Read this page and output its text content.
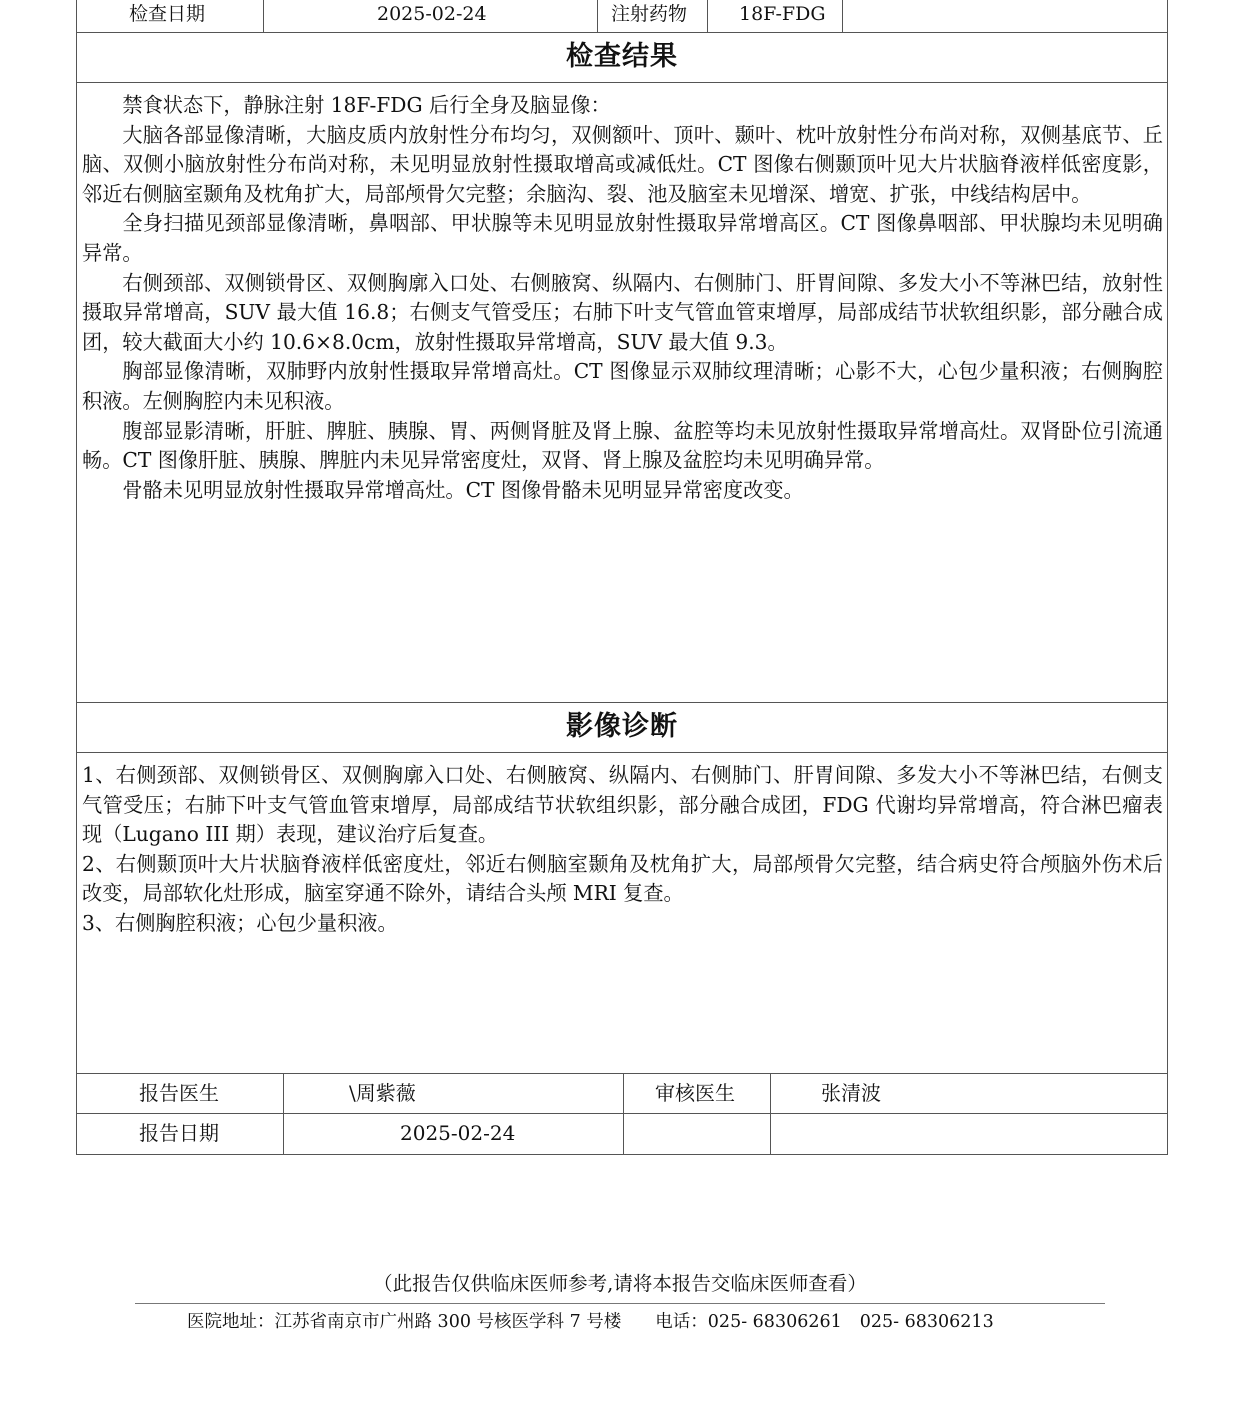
检查日期	2025-02-24	注射药物	18F-FDG
检查结果

禁食状态下，静脉注射 18F-FDG 后行全身及脑显像：

大脑各部显像清晰，大脑皮质内放射性分布均匀，双侧额叶、顶叶、颞叶、枕叶放射性分布尚对称，双侧基底节、丘脑、双侧小脑放射性分布尚对称，未见明显放射性摄取增高或减低灶。CT 图像右侧颞顶叶见大片状脑脊液样低密度影，邻近右侧脑室颞角及枕角扩大，局部颅骨欠完整；余脑沟、裂、池及脑室未见增深、增宽、扩张，中线结构居中。

全身扫描见颈部显像清晰，鼻咽部、甲状腺等未见明显放射性摄取异常增高区。CT 图像鼻咽部、甲状腺均未见明确异常。

右侧颈部、双侧锁骨区、双侧胸廓入口处、右侧腋窝、纵隔内、右侧肺门、肝胃间隙、多发大小不等淋巴结，放射性摄取异常增高，SUV 最大值 16.8；右侧支气管受压；右肺下叶支气管血管束增厚，局部成结节状软组织影，部分融合成团，较大截面大小约 10.6×8.0cm，放射性摄取异常增高，SUV 最大值 9.3。

胸部显像清晰，双肺野内放射性摄取异常增高灶。CT 图像显示双肺纹理清晰；心影不大，心包少量积液；右侧胸腔积液。左侧胸腔内未见积液。

腹部显影清晰，肝脏、脾脏、胰腺、胃、两侧肾脏及肾上腺、盆腔等均未见放射性摄取异常增高灶。双肾卧位引流通畅。CT 图像肝脏、胰腺、脾脏内未见异常密度灶，双肾、肾上腺及盆腔均未见明确异常。

骨骼未见明显放射性摄取异常增高灶。CT 图像骨骼未见明显异常密度改变。

影像诊断

1、右侧颈部、双侧锁骨区、双侧胸廓入口处、右侧腋窝、纵隔内、右侧肺门、肝胃间隙、多发大小不等淋巴结，右侧支气管受压；右肺下叶支气管血管束增厚，局部成结节状软组织影，部分融合成团，FDG 代谢均异常增高，符合淋巴瘤表现（Lugano III 期）表现，建议治疗后复查。

2、右侧颞顶叶大片状脑脊液样低密度灶，邻近右侧脑室颞角及枕角扩大，局部颅骨欠完整，结合病史符合颅脑外伤术后改变，局部软化灶形成，脑室穿通不除外，请结合头颅 MRI 复查。

3、右侧胸腔积液；心包少量积液。

报告医生	\周紫薇	审核医生	张清波
报告日期	2025-02-24
（此报告仅供临床医师参考,请将本报告交临床医师查看）
医院地址：江苏省南京市广州路 300 号核医学科 7 号楼 电话：025- 68306261 025- 68306213
